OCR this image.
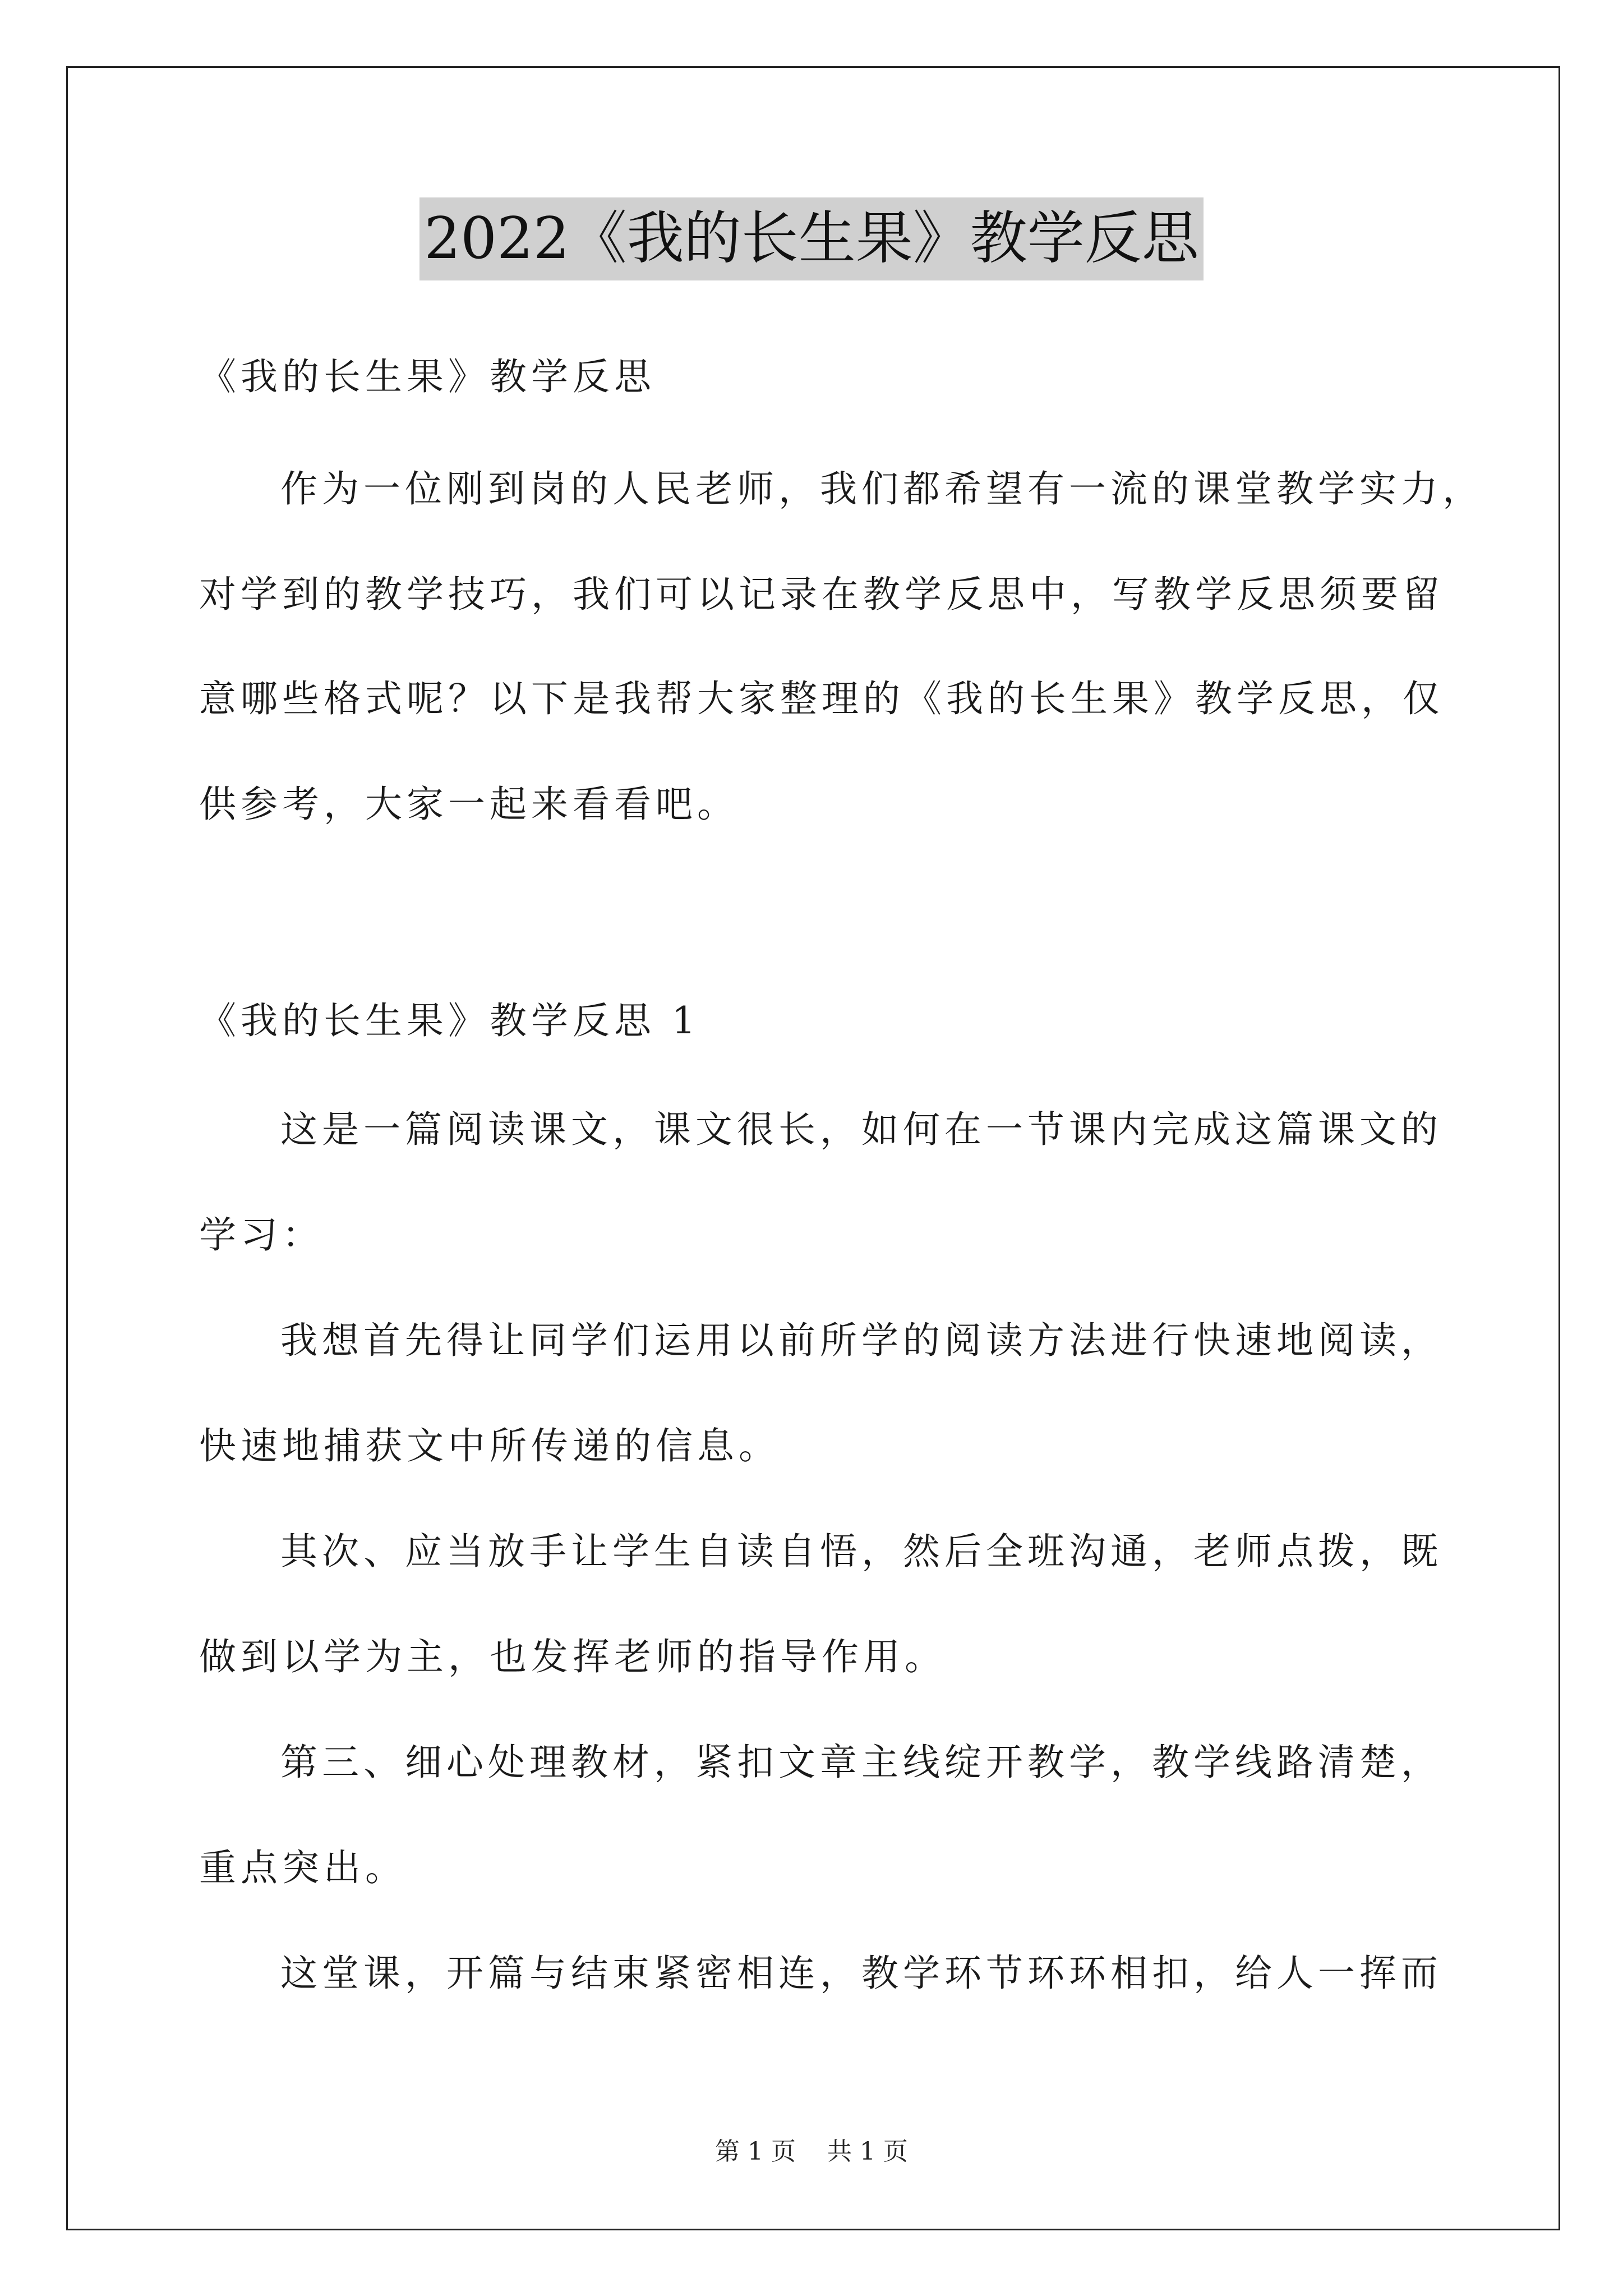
2022《我的长生果》教学反思
《我的长生果》教学反思
作为一位刚到岗的人民老师，我们都希望有一流的课堂教学实力，
对学到的教学技巧，我们可以记录在教学反思中，写教学反思须要留
意哪些格式呢？以下是我帮大家整理的《我的长生果》教学反思，仅
供参考，大家一起来看看吧。
《我的长生果》教学反思 1
这是一篇阅读课文，课文很长，如何在一节课内完成这篇课文的
学习：
我想首先得让同学们运用以前所学的阅读方法进行快速地阅读，
快速地捕获文中所传递的信息。
其次、应当放手让学生自读自悟，然后全班沟通，老师点拨，既
做到以学为主，也发挥老师的指导作用。
第三、细心处理教材，紧扣文章主线绽开教学，教学线路清楚，
重点突出。
这堂课，开篇与结束紧密相连，教学环节环环相扣，给人一挥而
第 1 页    共 1 页
